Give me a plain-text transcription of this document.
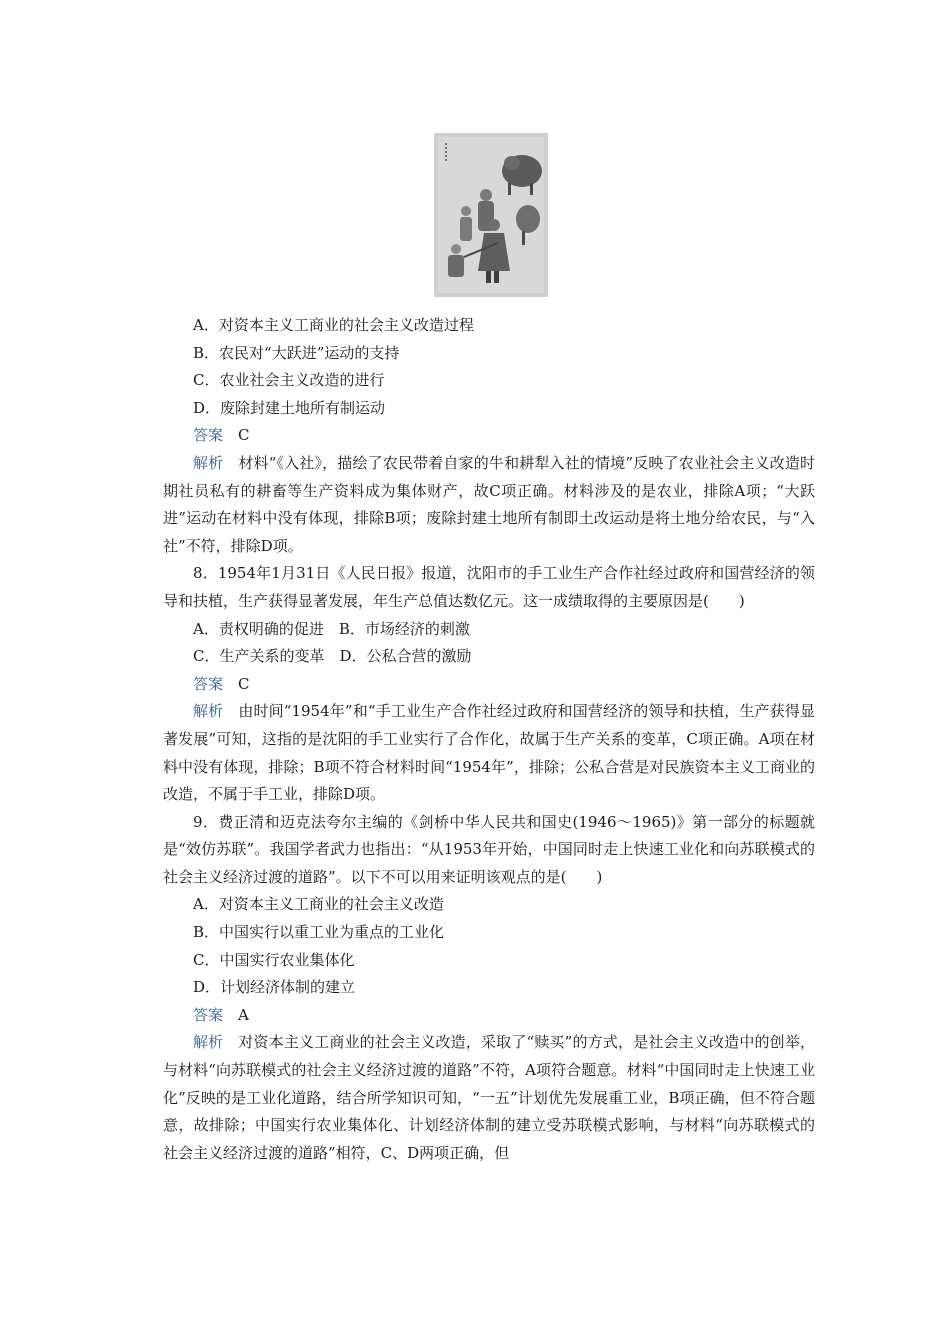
A．对资本主义工商业的社会主义改造过程

B．农民对“大跃进”运动的支持

C．农业社会主义改造的进行

D．废除封建土地所有制运动

答案 C

解析 材料“《入社》，描绘了农民带着自家的牛和耕犁入社的情境”反映了农业社会主义改造时期社员私有的耕畜等生产资料成为集体财产，故C项正确。材料涉及的是农业，排除A项；“大跃进”运动在材料中没有体现，排除B项；废除封建土地所有制即土改运动是将土地分给农民，与“入社”不符，排除D项。

8．1954年1月31日《人民日报》报道，沈阳市的手工业生产合作社经过政府和国营经济的领导和扶植，生产获得显著发展，年生产总值达数亿元。这一成绩取得的主要原因是(　　)

A．责权明确的促进　B．市场经济的刺激

C．生产关系的变革　D．公私合营的激励

答案 C

解析 由时间“1954年”和“手工业生产合作社经过政府和国营经济的领导和扶植，生产获得显著发展”可知，这指的是沈阳的手工业实行了合作化，故属于生产关系的变革，C项正确。A项在材料中没有体现，排除；B项不符合材料时间“1954年”，排除；公私合营是对民族资本主义工商业的改造，不属于手工业，排除D项。

9．费正清和迈克法夸尔主编的《剑桥中华人民共和国史(1946～1965)》第一部分的标题就是“效仿苏联”。我国学者武力也指出：“从1953年开始，中国同时走上快速工业化和向苏联模式的社会主义经济过渡的道路”。以下不可以用来证明该观点的是(　　)

A．对资本主义工商业的社会主义改造

B．中国实行以重工业为重点的工业化

C．中国实行农业集体化

D．计划经济体制的建立

答案 A

解析 对资本主义工商业的社会主义改造，采取了“赎买”的方式，是社会主义改造中的创举，与材料“向苏联模式的社会主义经济过渡的道路”不符，A项符合题意。材料“中国同时走上快速工业化”反映的是工业化道路，结合所学知识可知，“一五”计划优先发展重工业，B项正确，但不符合题意，故排除；中国实行农业集体化、计划经济体制的建立受苏联模式影响，与材料“向苏联模式的社会主义经济过渡的道路”相符，C、D两项正确，但
